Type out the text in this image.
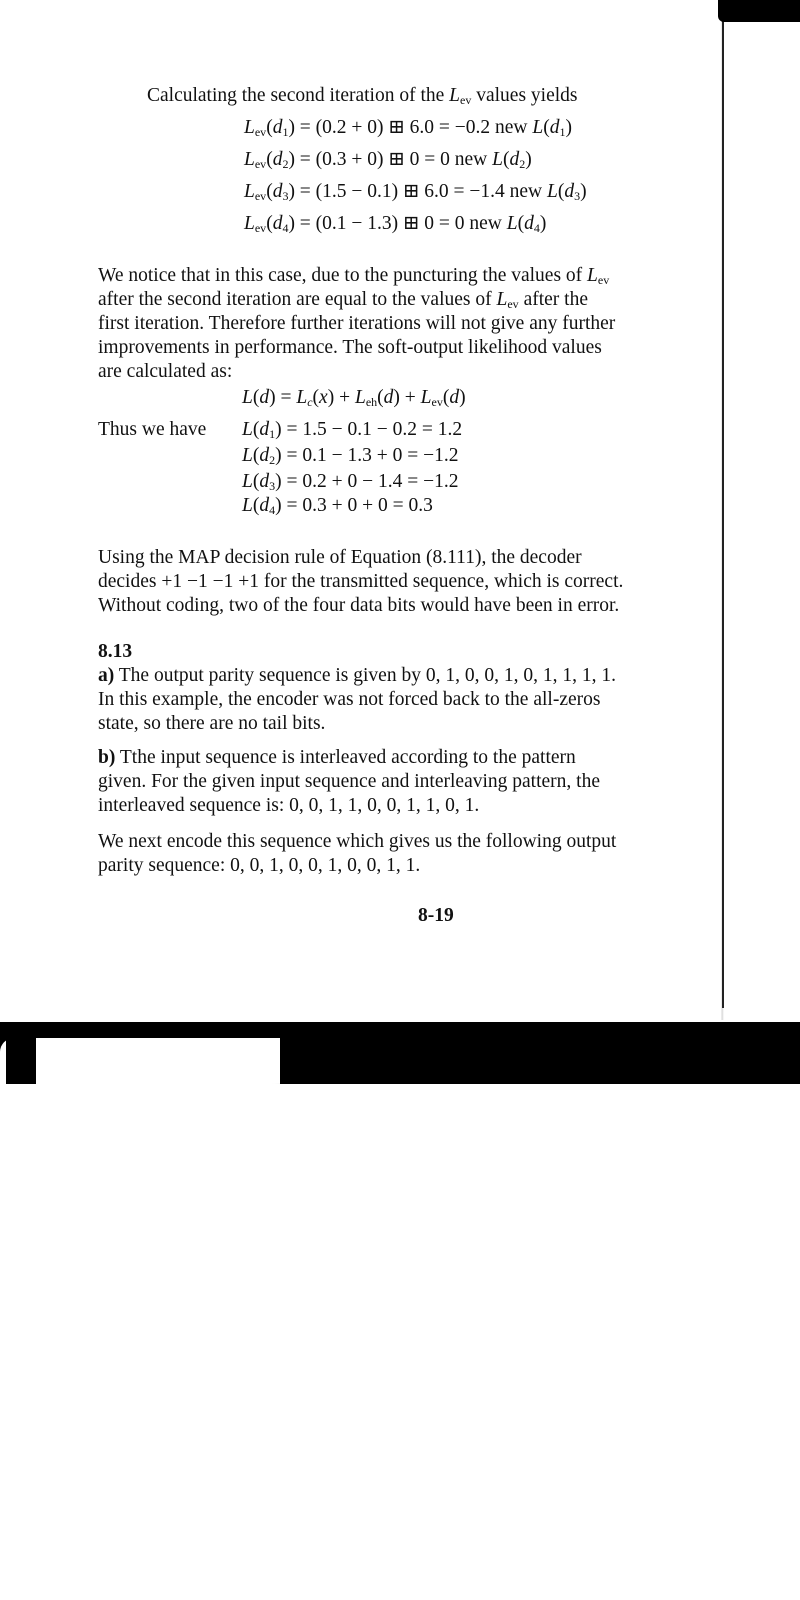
Calculating the second iteration of the $L_{ev}$ values yields
$L_{ev}(d_1) = (0.2 + 0)$ ⊞ 6.0 = −0.2 new $L(d_1)$
$L_{ev}(d_2) = (0.3 + 0)$ ⊞ 0 = 0 new $L(d_2)$
$L_{ev}(d_3) = (1.5 - 0.1)$ ⊞ 6.0 = −1.4 new $L(d_3)$
$L_{ev}(d_4) = (0.1 - 1.3)$ ⊞ 0 = 0 new $L(d_4)$
We notice that in this case, due to the puncturing the values of $L_{ev}$
after the second iteration are equal to the values of $L_{ev}$ after the
first iteration. Therefore further iterations will not give any further
improvements in performance. The soft-output likelihood values
are calculated as:
$L(d) = L_c(x) + L_{eh}(d) + L_{ev}(d)$
Thus we have $L(d_1) = 1.5 - 0.1 - 0.2 = 1.2$
$L(d_2) = 0.1 - 1.3 + 0 = -1.2$
$L(d_3) = 0.2 + 0 - 1.4 = -1.2$
$L(d_4) = 0.3 + 0 + 0 = 0.3$
Using the MAP decision rule of Equation (8.111), the decoder
decides +1 −1 −1 +1 for the transmitted sequence, which is correct.
Without coding, two of the four data bits would have been in error.
8.13
a) The output parity sequence is given by 0, 1, 0, 0, 1, 0, 1, 1, 1, 1.
In this example, the encoder was not forced back to the all-zeros
state, so there are no tail bits.
b) Tthe input sequence is interleaved according to the pattern
given. For the given input sequence and interleaving pattern, the
interleaved sequence is: 0, 0, 1, 1, 0, 0, 1, 1, 0, 1.
We next encode this sequence which gives us the following output
parity sequence: 0, 0, 1, 0, 0, 1, 0, 0, 1, 1.
8-19
